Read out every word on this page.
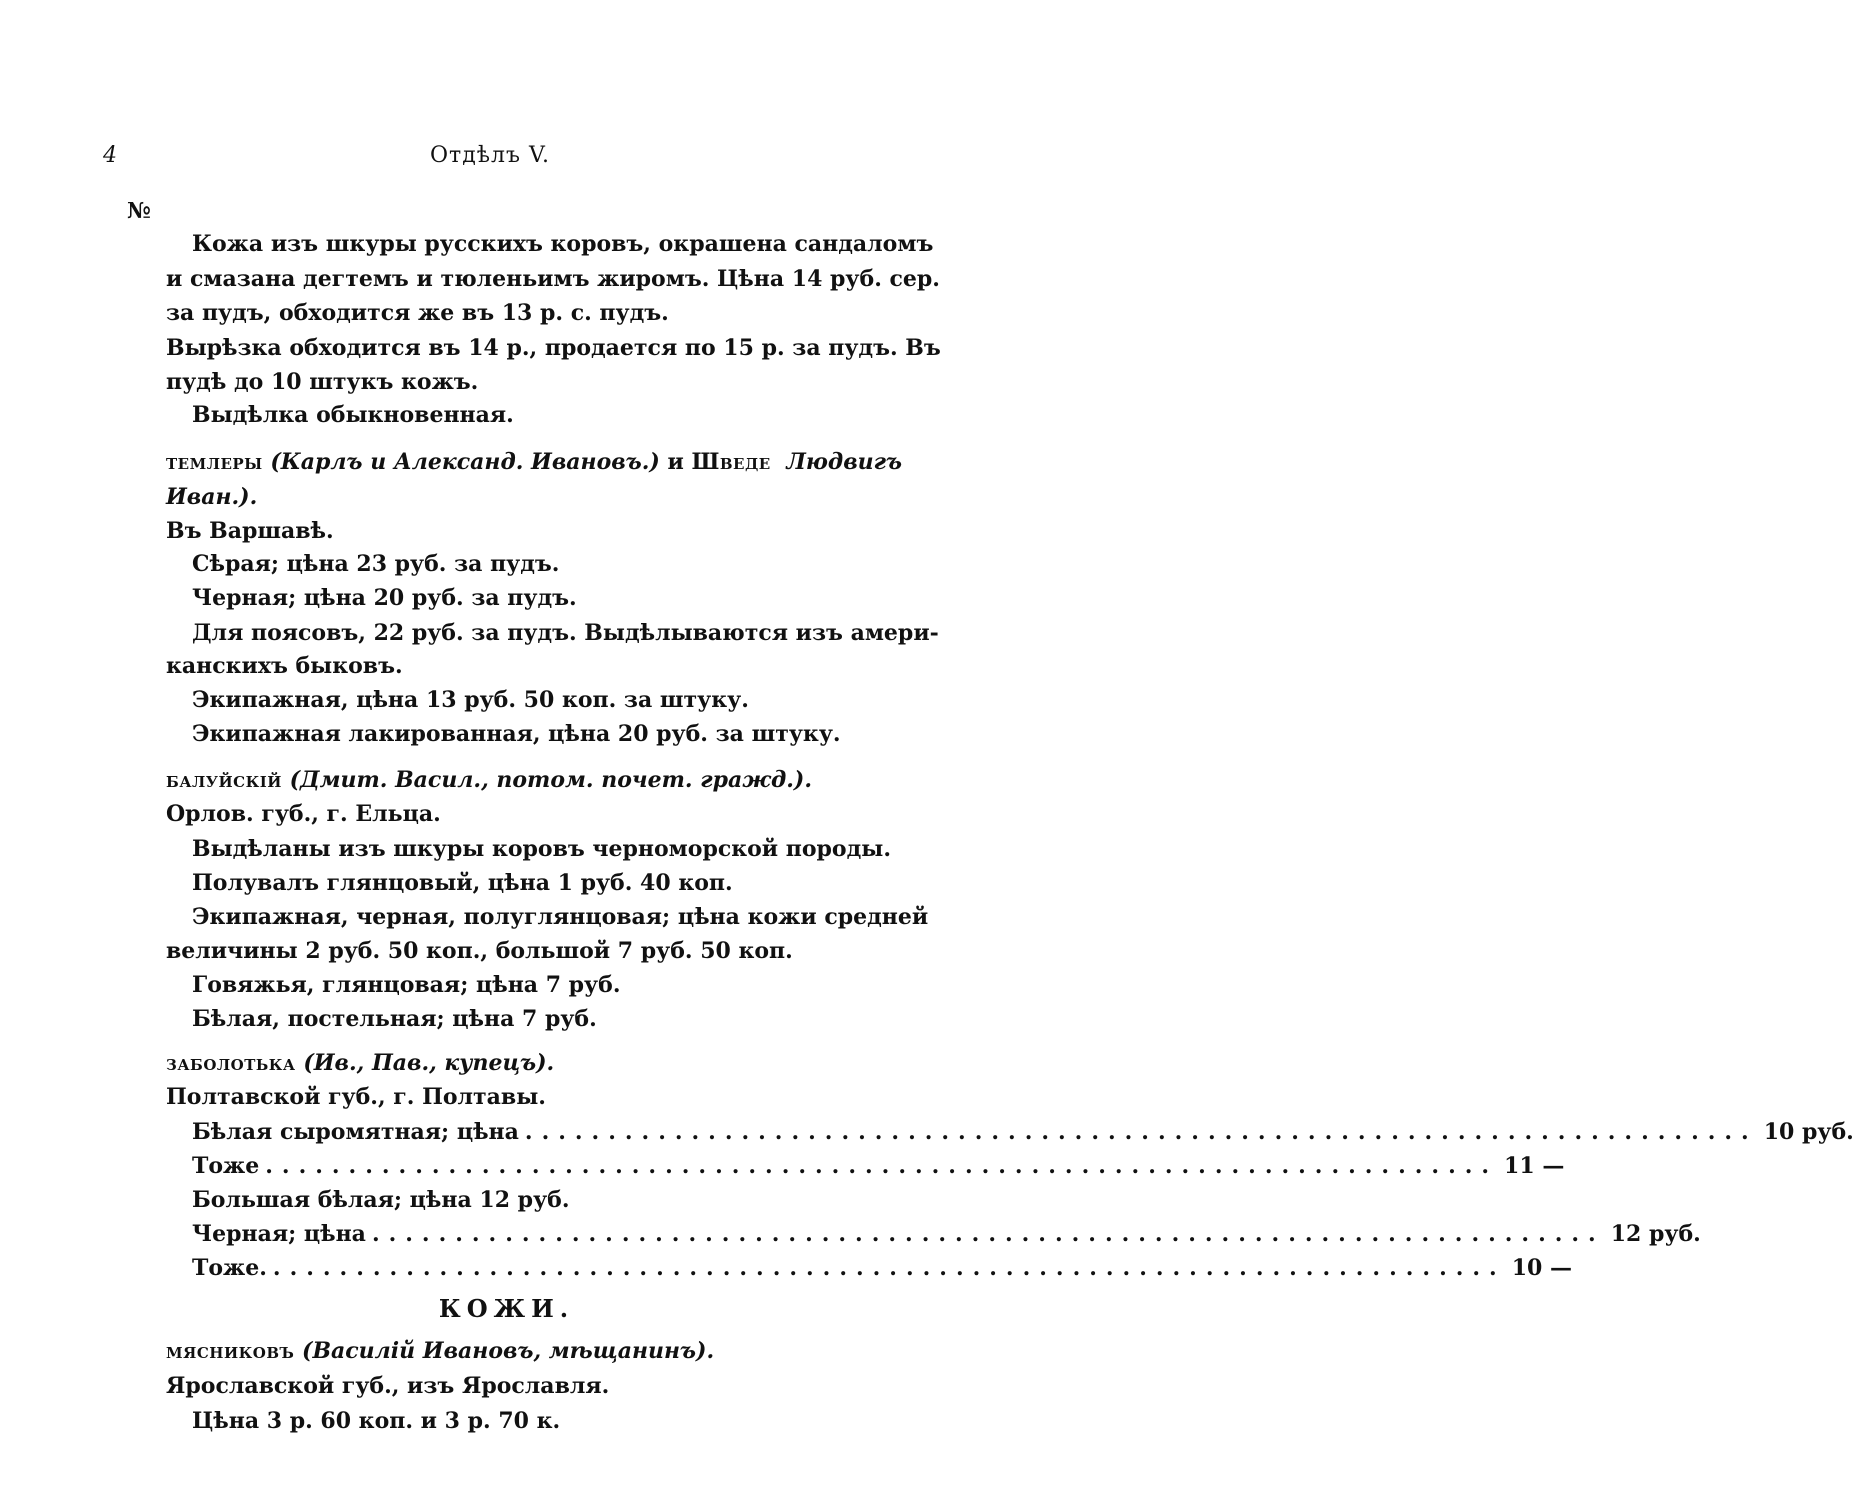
4	Отдѣлъ V.
№
Кожа изъ шкуры русскихъ коровъ, окрашена сандаломъ
и смазана дегтемъ и тюленьимъ жиромъ. Цѣна 14 руб. сер.
за пудъ, обходится же въ 13 р. с. пудъ.
Вырѣзка обходится въ 14 р., продается по 15 р. за пудъ. Въ
пудѣ до 10 штукъ кожъ.
Выдѣлка обыкновенная.
темлеры (Карлъ и Александ. Ивановъ.) и Шведе Людвигъ
Иван.).
Въ Варшавѣ.
Сѣрая; цѣна 23 руб. за пудъ.
Черная; цѣна 20 руб. за пудъ.
Для поясовъ, 22 руб. за пудъ. Выдѣлываются изъ амери-
канскихъ быковъ.
Экипажная, цѣна 13 руб. 50 коп. за штуку.
Экипажная лакированная, цѣна 20 руб. за штуку.
балуйскій (Дмит. Васил., потом. почет. гражд.).
Орлов. губ., г. Ельца.
Выдѣланы изъ шкуры коровъ черноморской породы.
Полувалъ глянцовый, цѣна 1 руб. 40 коп.
Экипажная, черная, полуглянцовая; цѣна кожи средней
величины 2 руб. 50 коп., большой 7 руб. 50 коп.
Говяжья, глянцовая; цѣна 7 руб.
Бѣлая, постельная; цѣна 7 руб.
заболотька (Ив., Пав., купецъ).
Полтавской губ., г. Полтавы.
Бѣлая сыромятная; цѣна .......................................................................... 10 руб.
Тоже .......................................................................... 11 —
Большая бѣлая; цѣна 12 руб.
Черная; цѣна .......................................................................... 12 руб.
Тоже. .......................................................................... 10 —
КОЖИ.
мясниковъ (Василій Ивановъ, мѣщанинъ).
Ярославской губ., изъ Ярославля.
Цѣна 3 р. 60 коп. и 3 р. 70 к.
